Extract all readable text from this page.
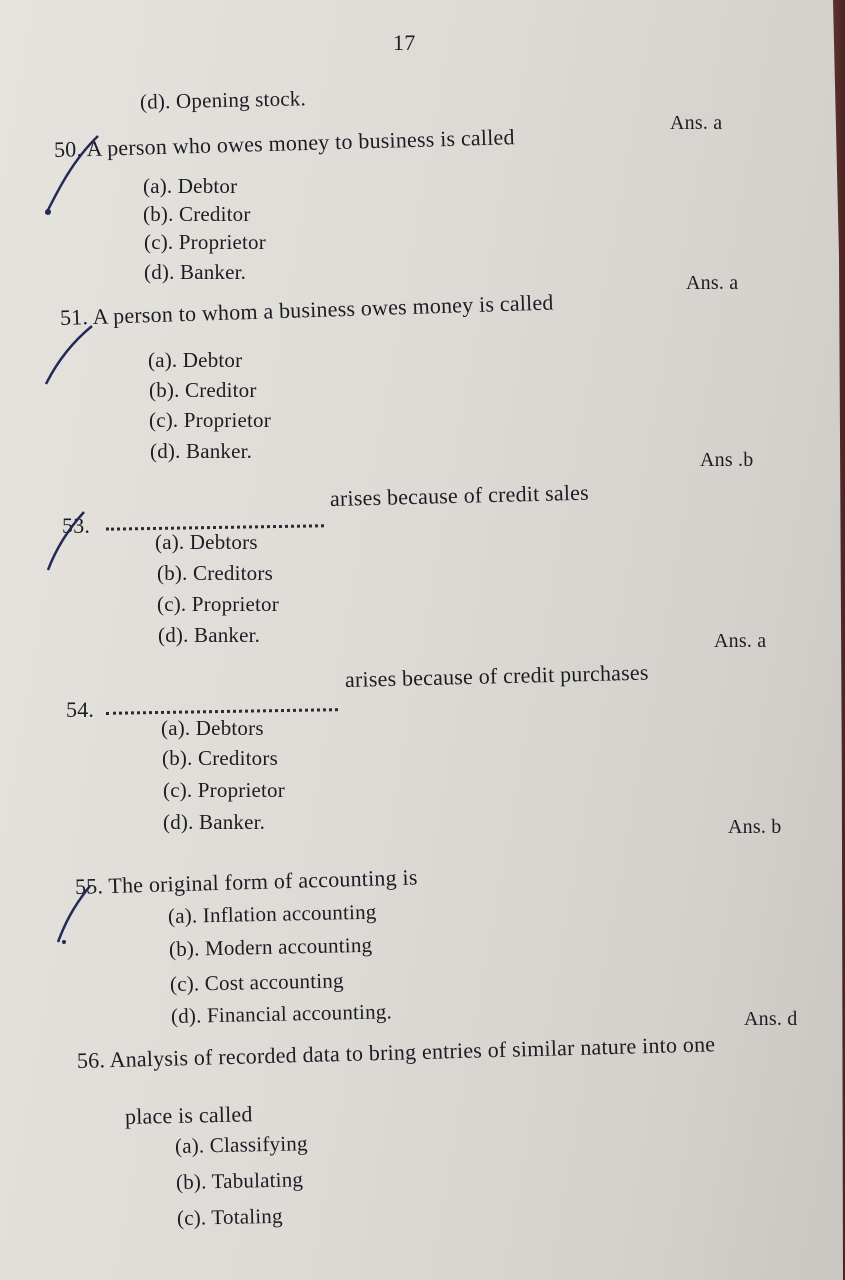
17
(d). Opening stock.
Ans. a
50. A person who owes money to business is called
(a). Debtor
(b). Creditor
(c). Proprietor
(d). Banker.	Ans. a
51. A person to whom a business owes money is called
(a). Debtor
(b). Creditor
(c). Proprietor
(d). Banker.	Ans .b
53.
arises because of credit sales
(a). Debtors
(b). Creditors
(c). Proprietor
(d). Banker.	Ans. a
54.
arises because of credit purchases
(a). Debtors
(b). Creditors
(c). Proprietor
(d). Banker.	Ans. b
55. The original form of accounting is
(a). Inflation accounting
(b). Modern accounting
(c). Cost accounting
(d). Financial accounting.	Ans. d
56. Analysis of recorded data to bring entries of similar nature into one
place is called
(a). Classifying
(b). Tabulating
(c). Totaling
